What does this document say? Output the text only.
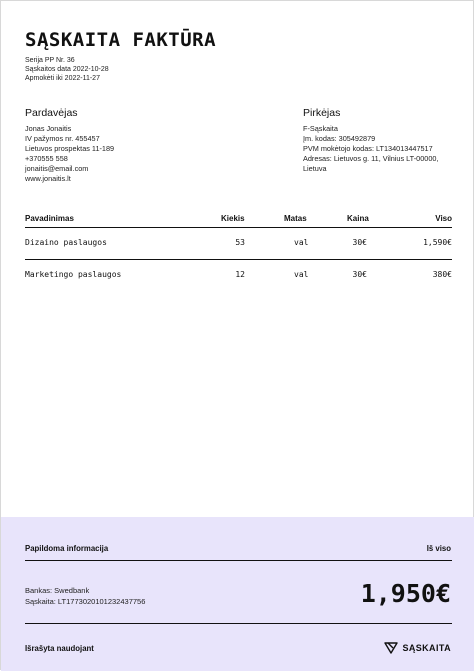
SĄSKAITA FAKTŪRA
Serija PP Nr. 36
Sąskaitos data 2022-10-28
Apmokėti iki 2022-11-27
Pardavėjas
Jonas Jonaitis
IV pažymos nr. 455457
Lietuvos prospektas 11-189
+370555 558
jonaitis@email.com
www.jonaitis.lt
Pirkėjas
F-Sąskaita
Įm. kodas: 305492879
PVM mokėtojo kodas: LT134013447517
Adresas: Lietuvos g. 11, Vilnius LT-00000, Lietuva
Pavadinimas	Kiekis	Matas	Kaina	Viso
Dizaino paslaugos	53	val	30€	1,590€
Marketingo paslaugos	12	val	30€	380€
Papildoma informacija	Iš viso
Bankas: Swedbank
Sąskaita: LT177302010123243775​6	1,950€
Išrašyta naudojant	SĄSKAITA
